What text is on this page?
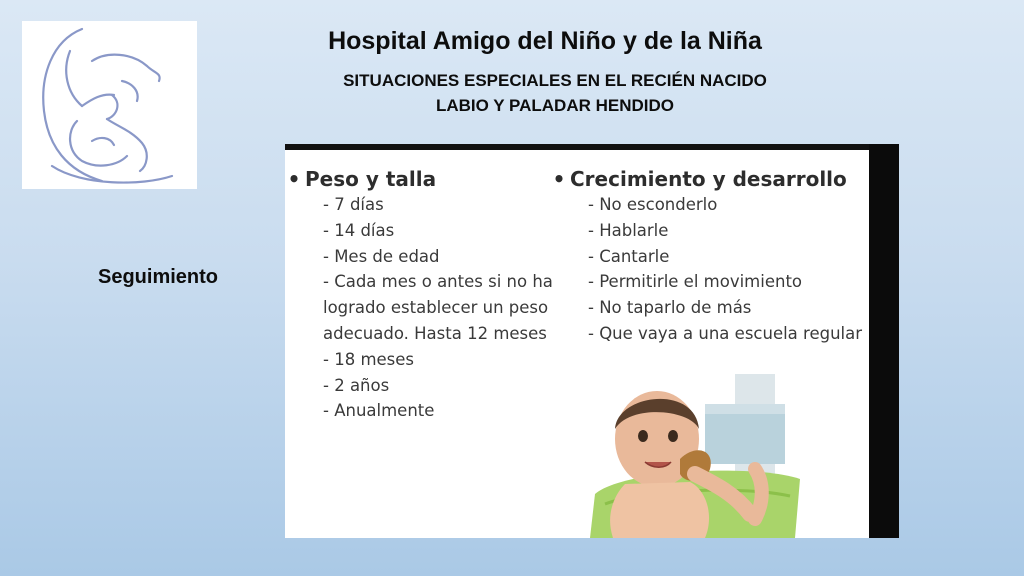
Hospital Amigo del Niño y de la Niña
SITUACIONES ESPECIALES EN EL RECIÉN NACIDO
LABIO Y PALADAR HENDIDO
Seguimiento
• Peso y talla
- 7 días
- 14 días
- Mes de edad
- Cada mes o antes si no ha
logrado establecer un peso
adecuado. Hasta 12 meses
- 18 meses
- 2 años
- Anualmente
• Crecimiento y desarrollo
- No esconderlo
- Hablarle
- Cantarle
- Permitirle el movimiento
- No taparlo de más
- Que vaya a una escuela regular
